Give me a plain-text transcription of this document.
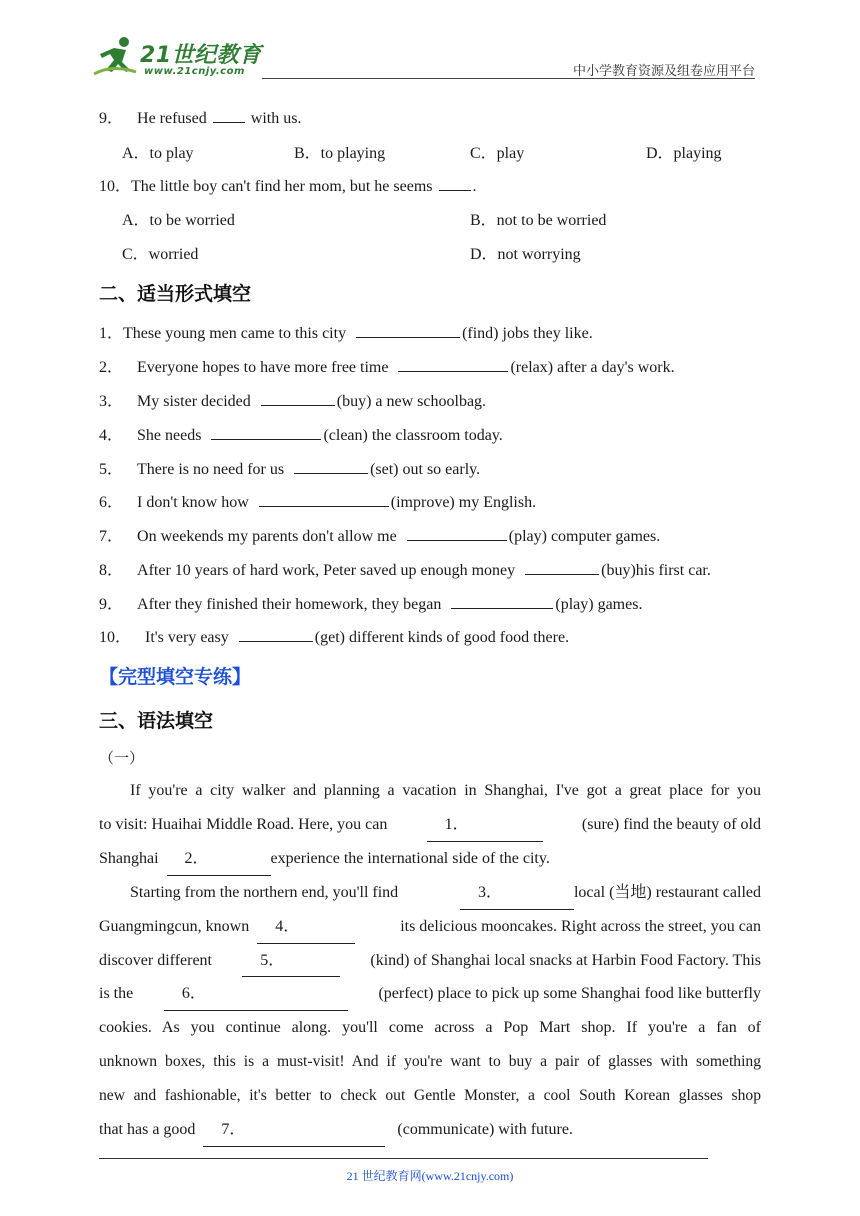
21世纪教育
www.21cnjy.com	中小学教育资源及组卷应用平台
9． He refused	with us.
A．to play	B．to playing	C．play	D．playing
10．The little boy can't find her mom, but he seems	.
A．to be worried	B．not to be worried
C．worried	D．not worrying
二、适当形式填空
1．These young men came to this city	(find) jobs they like.
2． Everyone hopes to have more free time	(relax) after a day's work.
3． My sister decided	(buy) a new schoolbag.
4． She needs	(clean) the classroom today.
5． There is no need for us	(set) out so early.
6． I don't know how	(improve) my English.
7． On weekends my parents don't allow me	(play) computer games.
8． After 10 years of hard work, Peter saved up enough money	(buy)his first car.
9． After they finished their homework, they began	(play) games.
10． It's very easy	(get) different kinds of good food there.
【完型填空专练】
三、语法填空
（一）
If you're a city walker and planning a vacation in Shanghai, I've got a great place for you
to visit: Huaihai Middle Road. Here, you can	1．	(sure) find the beauty of old
Shanghai 2．	experience the international side of the city.
Starting from the northern end, you'll find	3．	local (当地) restaurant called
Guangmingcun, known	4．	its delicious mooncakes. Right across the street, you can
discover different	5．	(kind) of Shanghai local snacks at Harbin Food Factory. This
is the	6．	(perfect) place to pick up some Shanghai food like butterfly
cookies. As you continue along. you'll come across a Pop Mart shop. If you're a fan of
unknown boxes, this is a must-visit! And if you're want to buy a pair of glasses with something
new and fashionable, it's better to check out Gentle Monster, a cool South Korean glasses shop
that has a good 7．	(communicate) with future.
21 世纪教育网(www.21cnjy.com)
